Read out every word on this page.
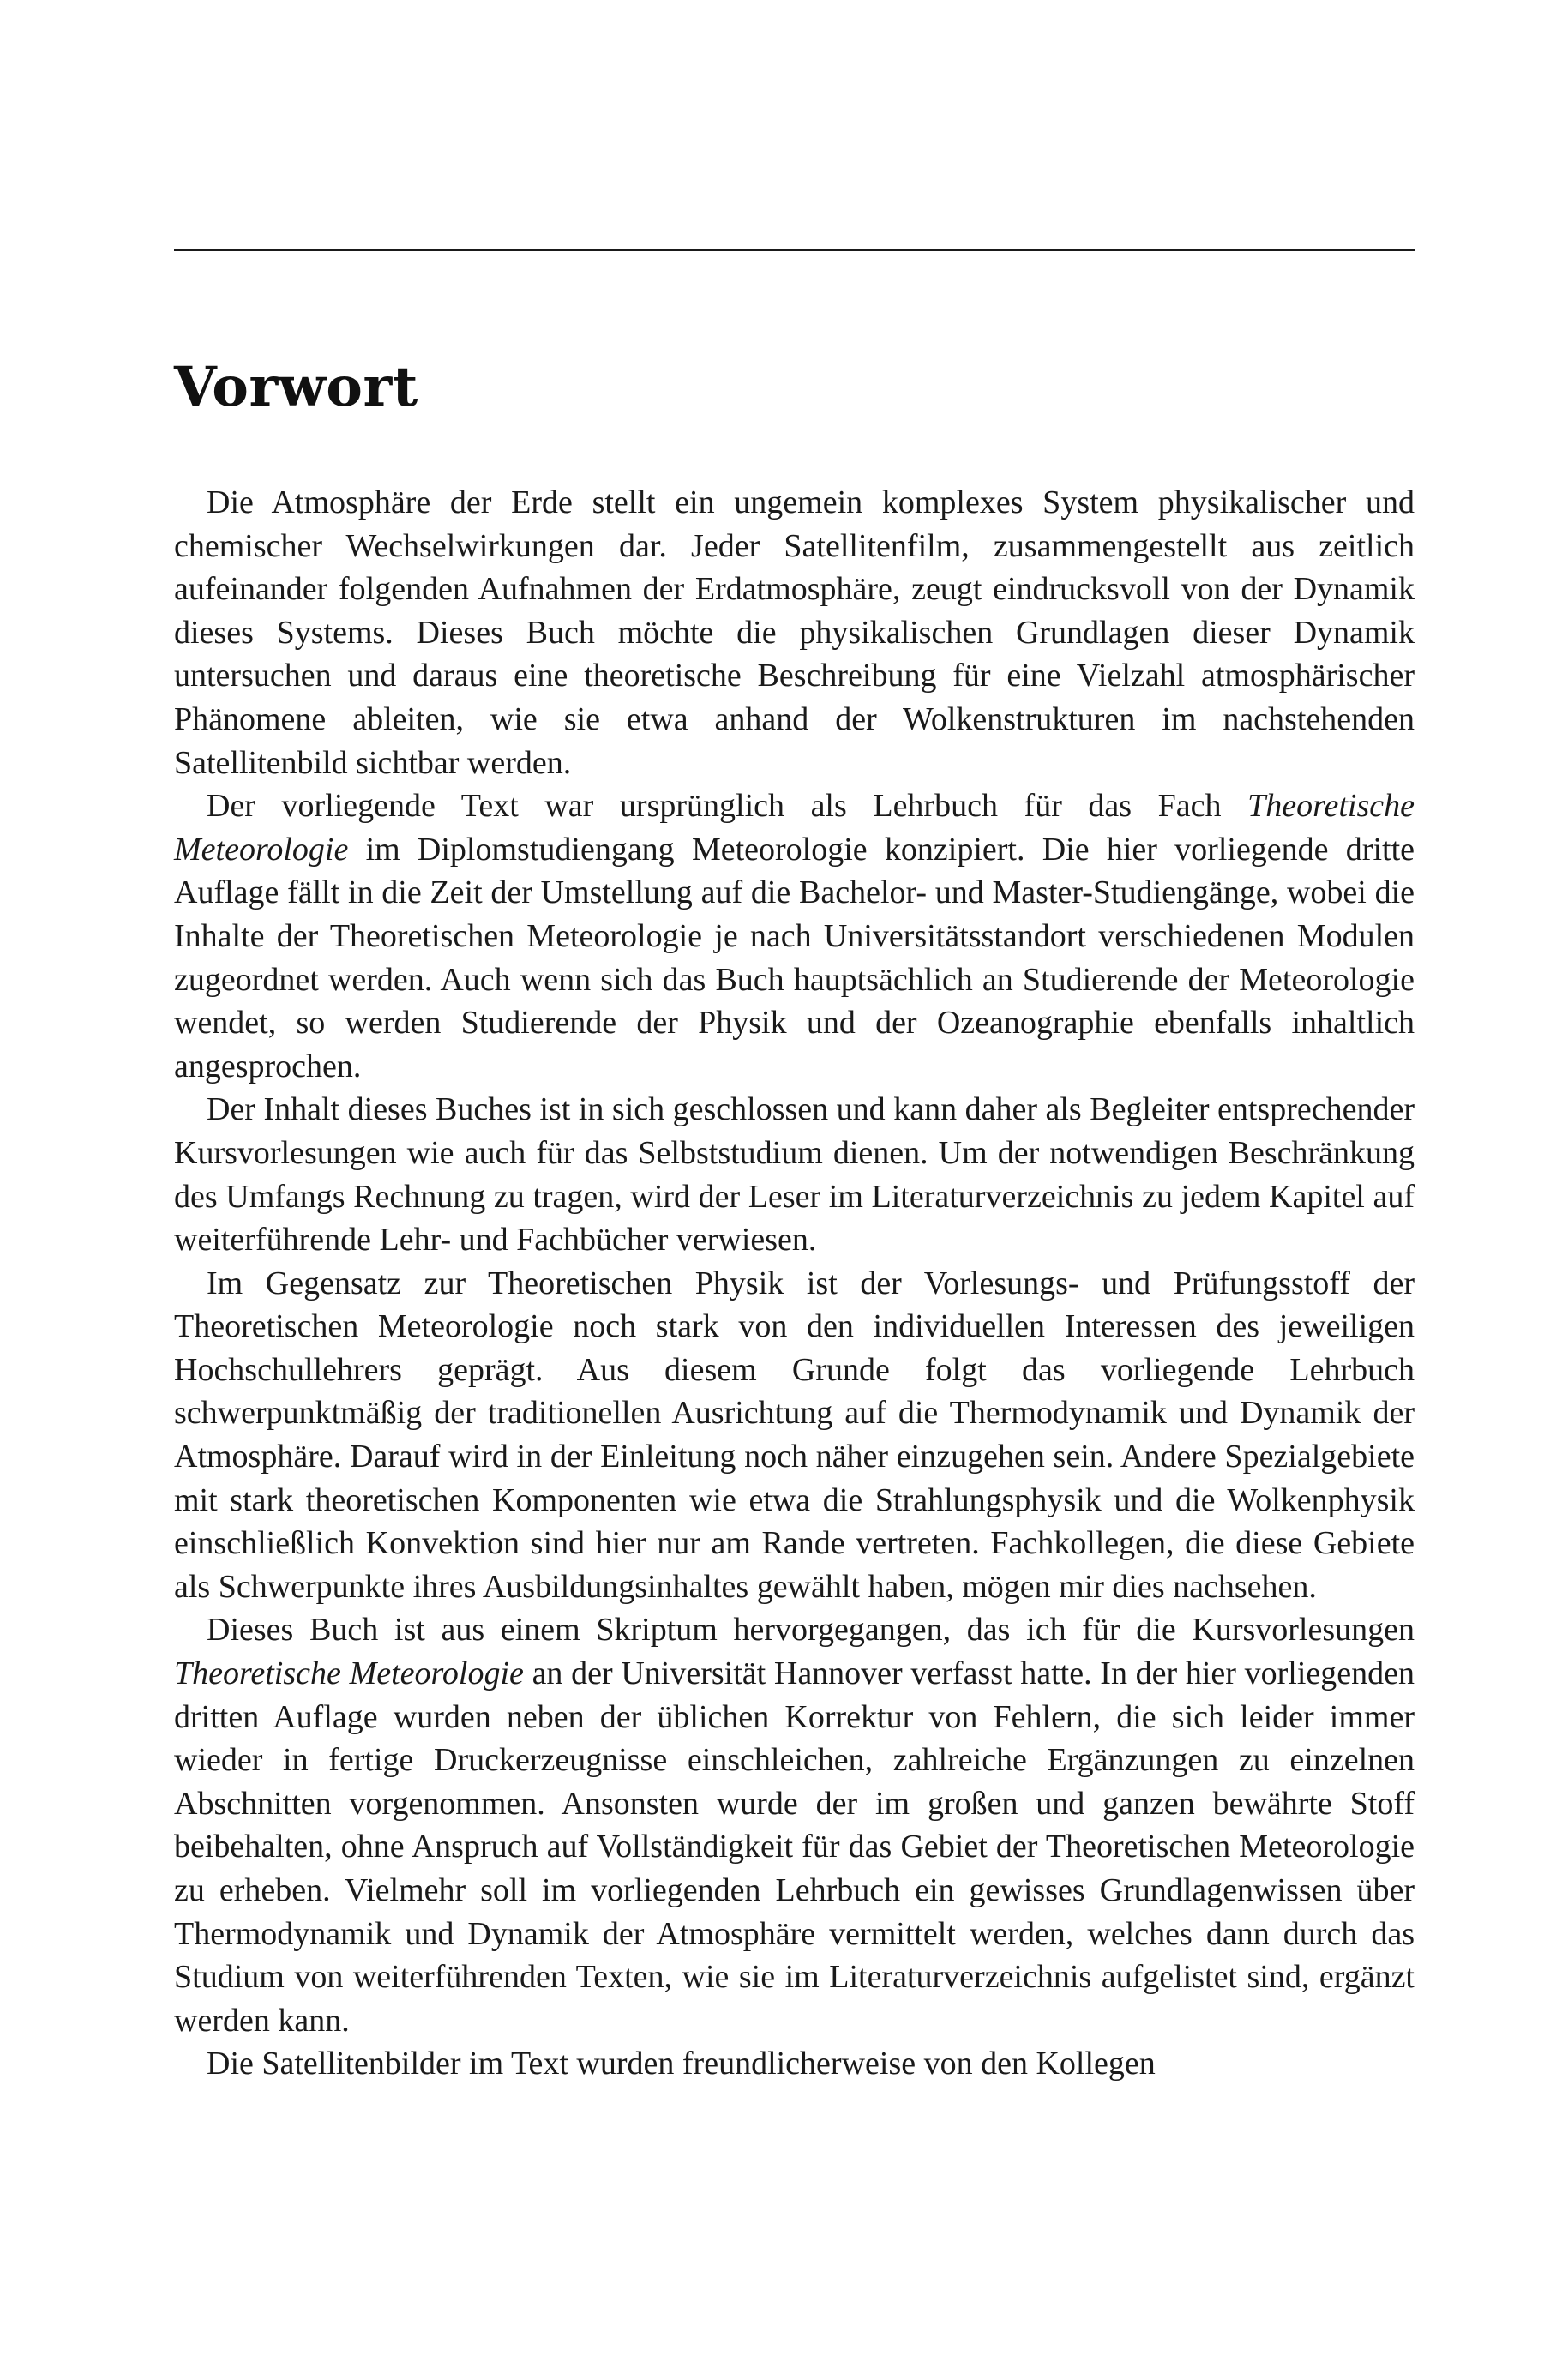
Vorwort

Die Atmosphäre der Erde stellt ein ungemein komplexes System physikalischer und chemischer Wechselwirkungen dar. Jeder Satellitenfilm, zusammengestellt aus zeitlich aufeinander folgenden Aufnahmen der Erdatmosphäre, zeugt eindrucksvoll von der Dynamik dieses Systems. Dieses Buch möchte die physikalischen Grundlagen dieser Dynamik untersuchen und daraus eine theoretische Beschreibung für eine Vielzahl atmosphärischer Phänomene ableiten, wie sie etwa anhand der Wolkenstrukturen im nachstehenden Satellitenbild sichtbar werden.

Der vorliegende Text war ursprünglich als Lehrbuch für das Fach Theoretische Meteorologie im Diplomstudiengang Meteorologie konzipiert. Die hier vorliegende dritte Auflage fällt in die Zeit der Umstellung auf die Bachelor- und Master-Studiengänge, wobei die Inhalte der Theoretischen Meteorologie je nach Universitätsstandort verschiedenen Modulen zugeordnet werden. Auch wenn sich das Buch hauptsächlich an Studierende der Meteorologie wendet, so werden Studierende der Physik und der Ozeanographie ebenfalls inhaltlich angesprochen.

Der Inhalt dieses Buches ist in sich geschlossen und kann daher als Begleiter entsprechender Kursvorlesungen wie auch für das Selbststudium dienen. Um der notwendigen Beschränkung des Umfangs Rechnung zu tragen, wird der Leser im Literaturverzeichnis zu jedem Kapitel auf weiterführende Lehr- und Fachbücher verwiesen.

Im Gegensatz zur Theoretischen Physik ist der Vorlesungs- und Prüfungsstoff der Theoretischen Meteorologie noch stark von den individuellen Interessen des jeweiligen Hochschullehrers geprägt. Aus diesem Grunde folgt das vorliegende Lehrbuch schwerpunktmäßig der traditionellen Ausrichtung auf die Thermodynamik und Dynamik der Atmosphäre. Darauf wird in der Einleitung noch näher einzugehen sein. Andere Spezialgebiete mit stark theoretischen Komponenten wie etwa die Strahlungsphysik und die Wolkenphysik einschließlich Konvektion sind hier nur am Rande vertreten. Fachkollegen, die diese Gebiete als Schwerpunkte ihres Ausbildungsinhaltes gewählt haben, mögen mir dies nachsehen.

Dieses Buch ist aus einem Skriptum hervorgegangen, das ich für die Kursvorlesungen Theoretische Meteorologie an der Universität Hannover verfasst hatte. In der hier vorliegenden dritten Auflage wurden neben der üblichen Korrektur von Fehlern, die sich leider immer wieder in fertige Druckerzeugnisse einschleichen, zahlreiche Ergänzungen zu einzelnen Abschnitten vorgenommen. Ansonsten wurde der im großen und ganzen bewährte Stoff beibehalten, ohne Anspruch auf Vollständigkeit für das Gebiet der Theoretischen Meteorologie zu erheben. Vielmehr soll im vorliegenden Lehrbuch ein gewisses Grundlagenwissen über Thermodynamik und Dynamik der Atmosphäre vermittelt werden, welches dann durch das Studium von weiterführenden Texten, wie sie im Literaturverzeichnis aufgelistet sind, ergänzt werden kann.

Die Satellitenbilder im Text wurden freundlicherweise von den Kollegen
